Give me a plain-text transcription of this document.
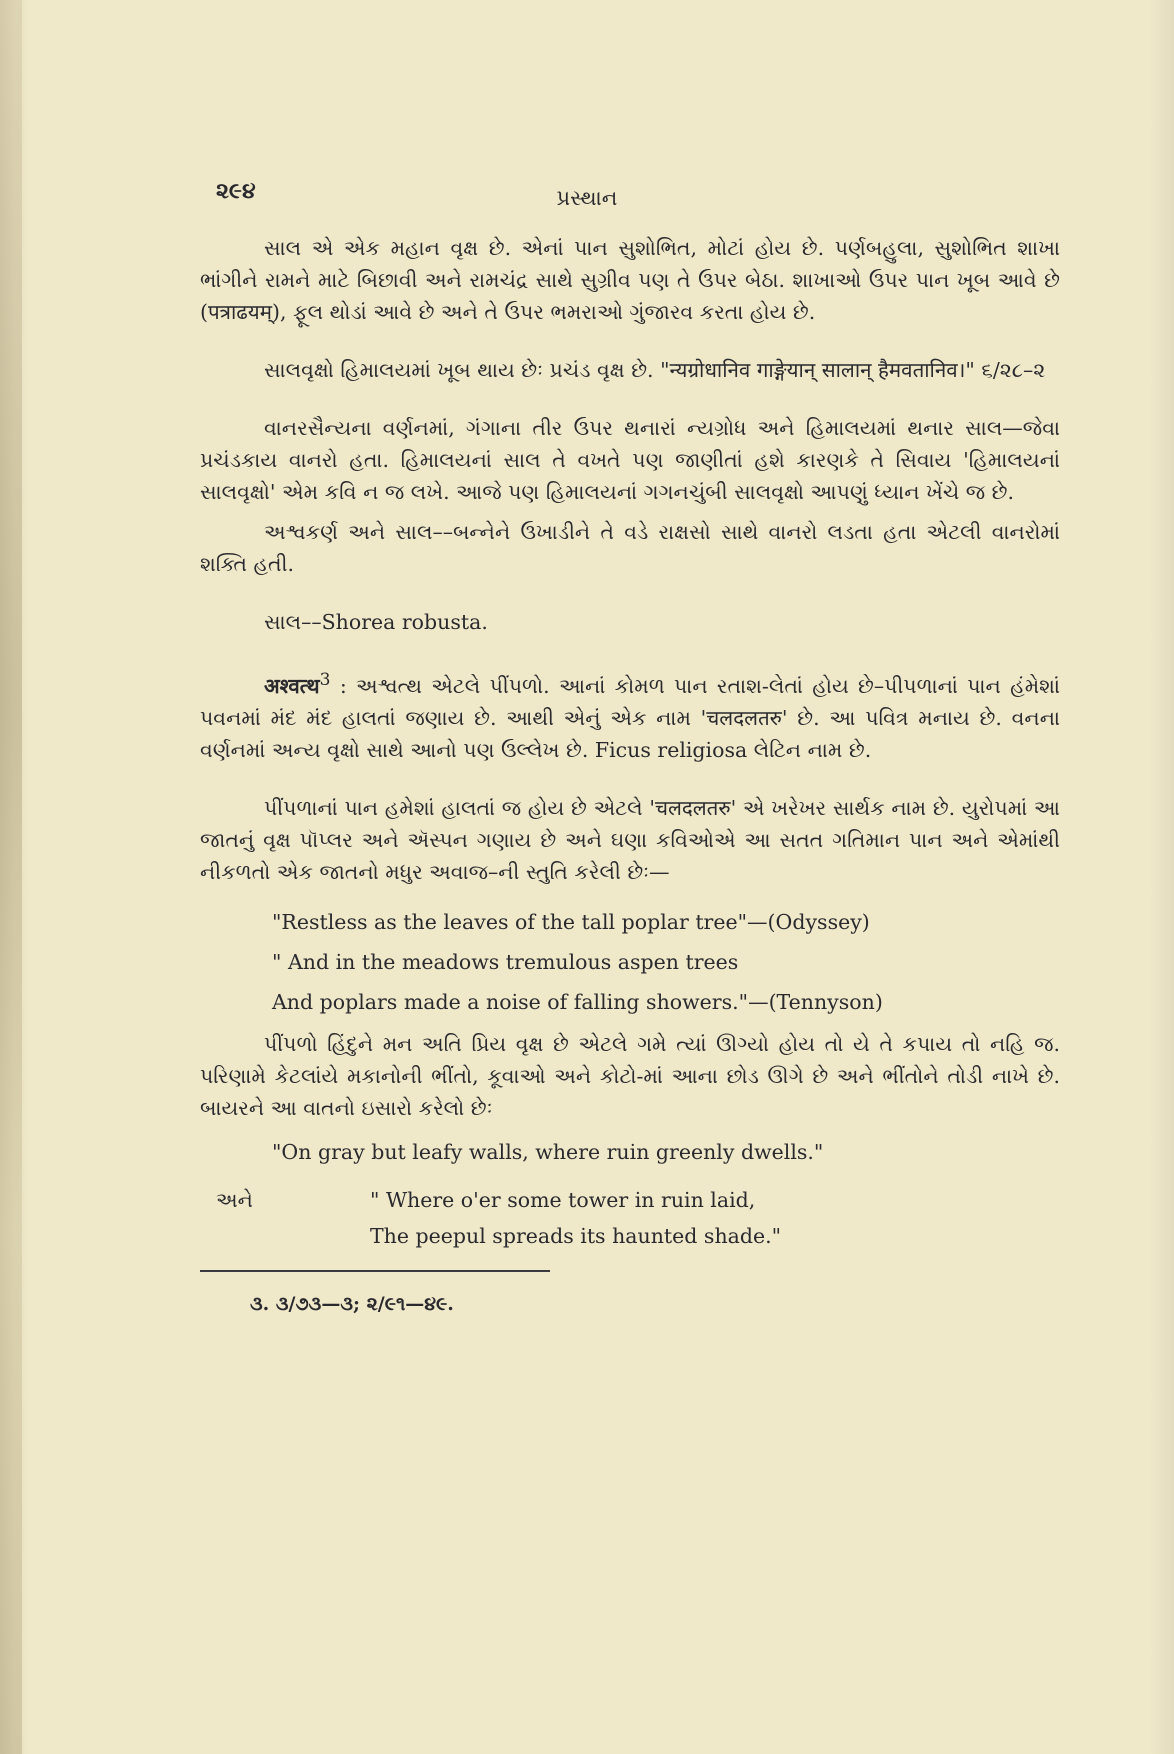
૨૯૪	પ્રસ્થાન

સાલ એ એક મહાન વૃક્ષ છે. એનાં પાન સુશોભિત, મોટાં હોય છે. પર્ણબહુલા, સુશોભિત શાખા ભાંગીને રામને માટે બિછાવી અને રામચંદ્ર સાથે સુગ્રીવ પણ તે ઉપર બેઠા. શાખાઓ ઉપર પાન ખૂબ આવે છે (पत्राढयम्), ફૂલ થોડાં આવે છે અને તે ઉપર ભમરાઓ ગુંજારવ કરતા હોય છે.

સાલવૃક્ષો હિમાલયમાં ખૂબ થાય છેઃ પ્રચંડ વૃક્ષ છે. "न्यग्रोधानिव गाङ्गेयान् सालान् हैमवतानिव।" ૬/૨૮–૨

વાનરસૈન્યના વર્ણનમાં, ગંગાના તીર ઉપર થનારાં ન્યગ્રોધ અને હિમાલયમાં થનાર સાલ—જેવા પ્રચંડકાય વાનરો હતા. હિમાલયનાં સાલ તે વખતે પણ જાણીતાં હશે કારણકે તે સિવાય 'હિમાલયનાં સાલવૃક્ષો' એમ કવિ ન જ લખે. આજે પણ હિમાલયનાં ગગનચુંબી સાલવૃક્ષો આપણું ધ્યાન ખેંચે જ છે.

અશ્વકર્ણ અને સાલ––બન્નેને ઉખાડીને તે વડે રાક્ષસો સાથે વાનરો લડતા હતા એટલી વાનરોમાં શક્તિ હતી.

સાલ––Shorea robusta.

अश्वत्थ$^3$ : અશ્વત્થ એટલે પીંપળો. આનાં કોમળ પાન રતાશ-લેતાં હોય છે–પીપળાનાં પાન હંમેશાં પવનમાં મંદ મંદ હાલતાં જણાય છે. આથી એનું એક નામ 'चलदलतरु' છે. આ પવિત્ર મનાય છે. વનના વર્ણનમાં અન્ય વૃક્ષો સાથે આનો પણ ઉલ્લેખ છે. Ficus religiosa લેટિન નામ છે.

પીંપળાનાં પાન હમેશાં હાલતાં જ હોય છે એટલે 'चलदलतरु' એ ખરેખર સાર્થક નામ છે. યુરોપમાં આ જાતનું વૃક્ષ પૉપ્લર અને ઍસ્પન ગણાય છે અને ઘણા કવિઓએ આ સતત ગતિમાન પાન અને એમાંથી નીકળતો એક જાતનો મધુર અવાજ–ની સ્તુતિ કરેલી છેઃ—

"Restless as the leaves of the tall poplar tree"—(Odyssey)

" And in the meadows tremulous aspen trees

And poplars made a noise of falling showers."—(Tennyson)

પીંપળો હિંદુને મન અતિ પ્રિય વૃક્ષ છે એટલે ગમે ત્યાં ઊગ્યો હોય તો યે તે કપાય તો નહિ જ. પરિણામે કેટલાંયે મકાનોની ભીંતો, કૂવાઓ અને કોટો-માં આના છોડ ઊગે છે અને ભીંતોને તોડી નાખે છે. બાયરને આ વાતનો ઇસારો કરેલો છેઃ

"On gray but leafy walls, where ruin greenly dwells."

અને	" Where o'er some tower in ruin laid,
The peepul spreads its haunted shade."
૩. ૩/૭૩—૩; ૨/૯૧—૪૯.
